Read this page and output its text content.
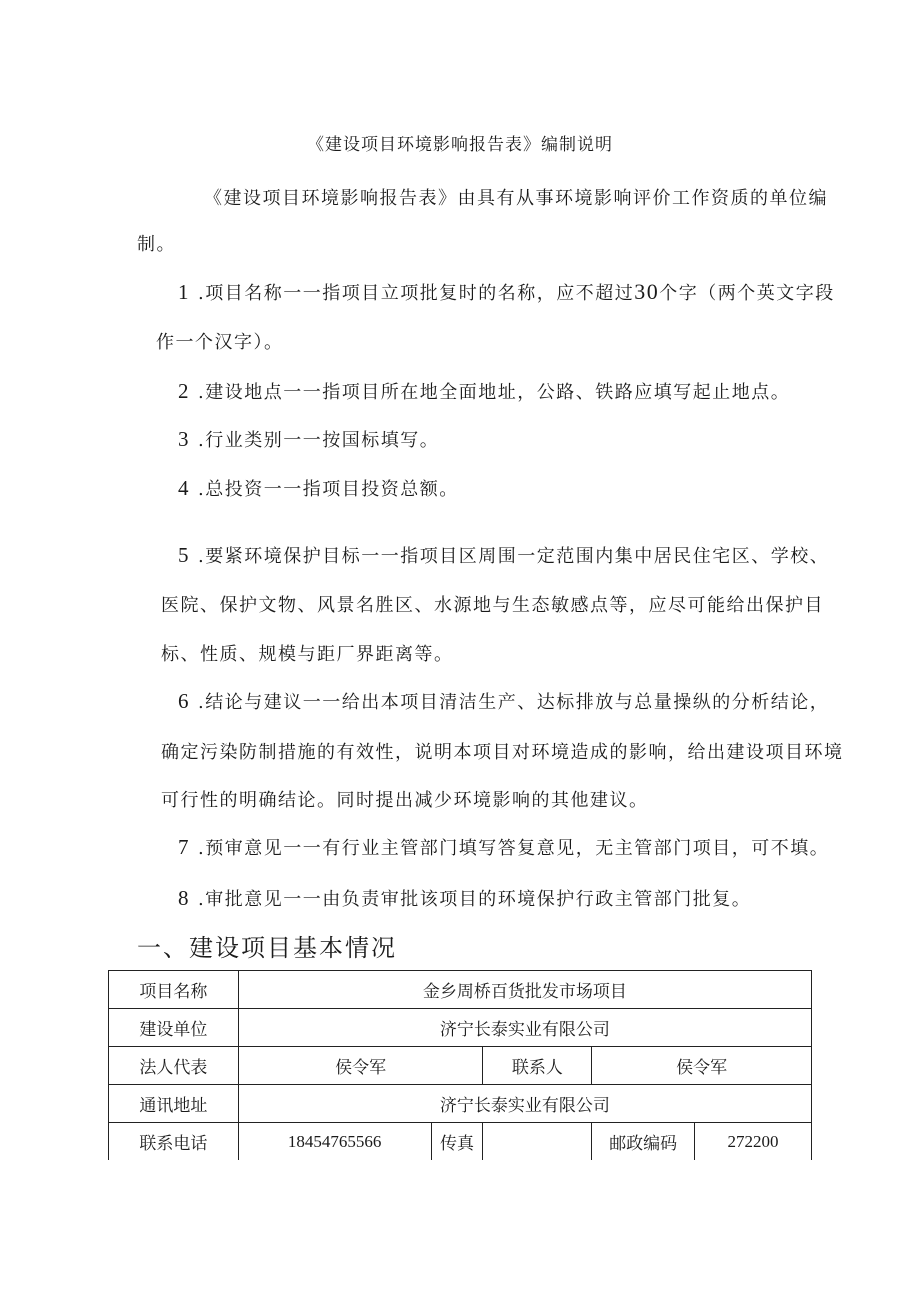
《建设项目环境影响报告表》编制说明
《建设项目环境影响报告表》由具有从事环境影响评价工作资质的单位编
制。
1 .项目名称一一指项目立项批复时的名称，应不超过30个字（两个英文字段
作一个汉字）。
2 .建设地点一一指项目所在地全面地址，公路、铁路应填写起止地点。
3 .行业类别一一按国标填写。
4 .总投资一一指项目投资总额。
5 .要紧环境保护目标一一指项目区周围一定范围内集中居民住宅区、学校、
医院、保护文物、风景名胜区、水源地与生态敏感点等，应尽可能给出保护目
标、性质、规模与距厂界距离等。
6 .结论与建议一一给出本项目清洁生产、达标排放与总量操纵的分析结论，
确定污染防制措施的有效性，说明本项目对环境造成的影响，给出建设项目环境
可行性的明确结论。同时提出减少环境影响的其他建议。
7 .预审意见一一有行业主管部门填写答复意见，无主管部门项目，可不填。
8 .审批意见一一由负责审批该项目的环境保护行政主管部门批复。
一、建设项目基本情况
项目名称	金乡周桥百货批发市场项目				
建设单位	济宁长泰实业有限公司				
法人代表	侯令军		联系人	侯令军	
通讯地址	济宁长泰实业有限公司				
联系电话	18454765566	传真		邮政编码	272200
